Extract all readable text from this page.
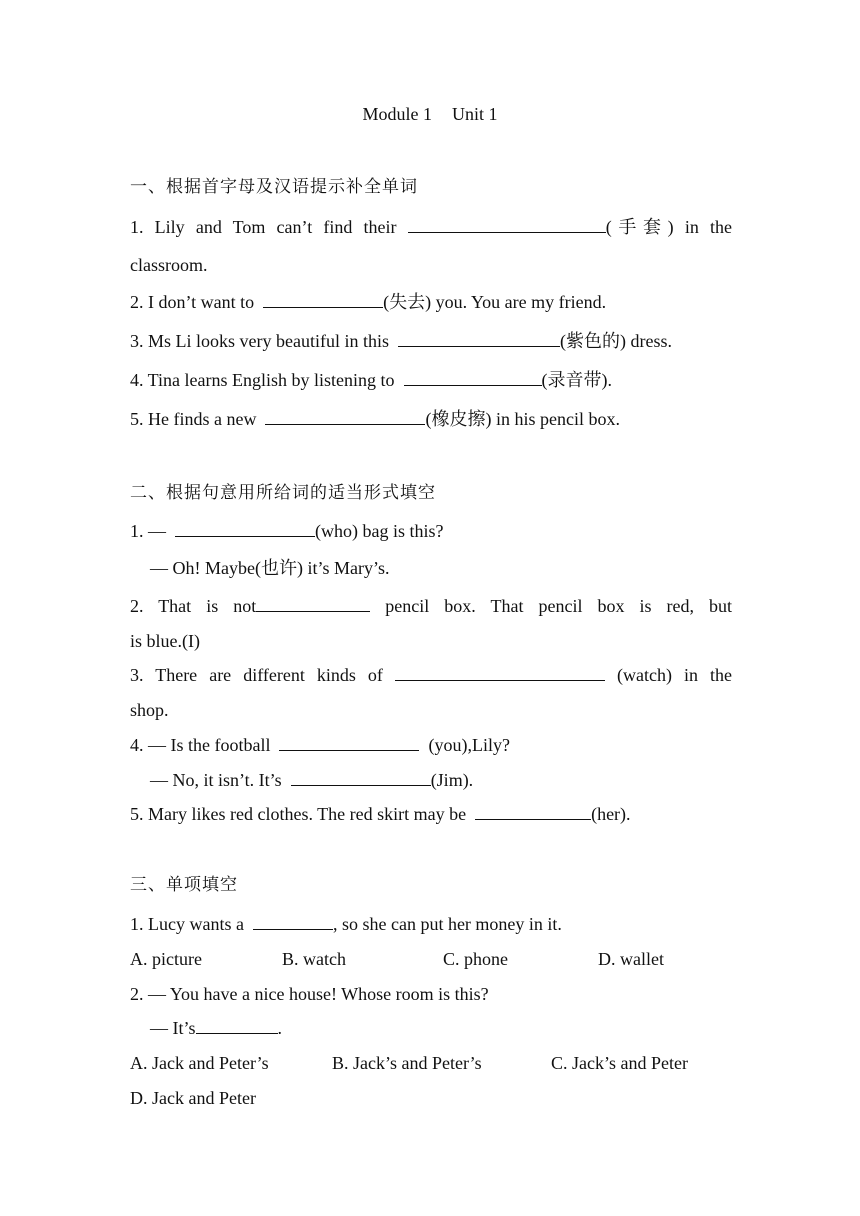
Module 1 Unit 1
一、根据首字母及汉语提示补全单词
1. Lily and Tom can’t find their	(手套) in the
classroom.
2. I don’t want to	(失去) you. You are my friend.
3. Ms Li looks very beautiful in this	(紫色的) dress.
4. Tina learns English by listening to	(录音带).
5. He finds a new	(橡皮擦) in his pencil box.
二、根据句意用所给词的适当形式填空
1. —	(who) bag is this?
— Oh! Maybe(也许) it’s Mary’s.
2. That is not	pencil box. That pencil box is red, but
is blue.(I)
3. There are different kinds of	(watch) in the
shop.
4. — Is the football	(you),Lily?
— No, it isn’t. It’s	(Jim).
5. Mary likes red clothes. The red skirt may be	(her).
三、单项填空
1. Lucy wants a	, so she can put her money in it.
A. picture	B. watch	C. phone	D. wallet
2. — You have a nice house! Whose room is this?
— It’s	.
A. Jack and Peter’s	B. Jack’s and Peter’s	C. Jack’s and Peter
D. Jack and Peter
